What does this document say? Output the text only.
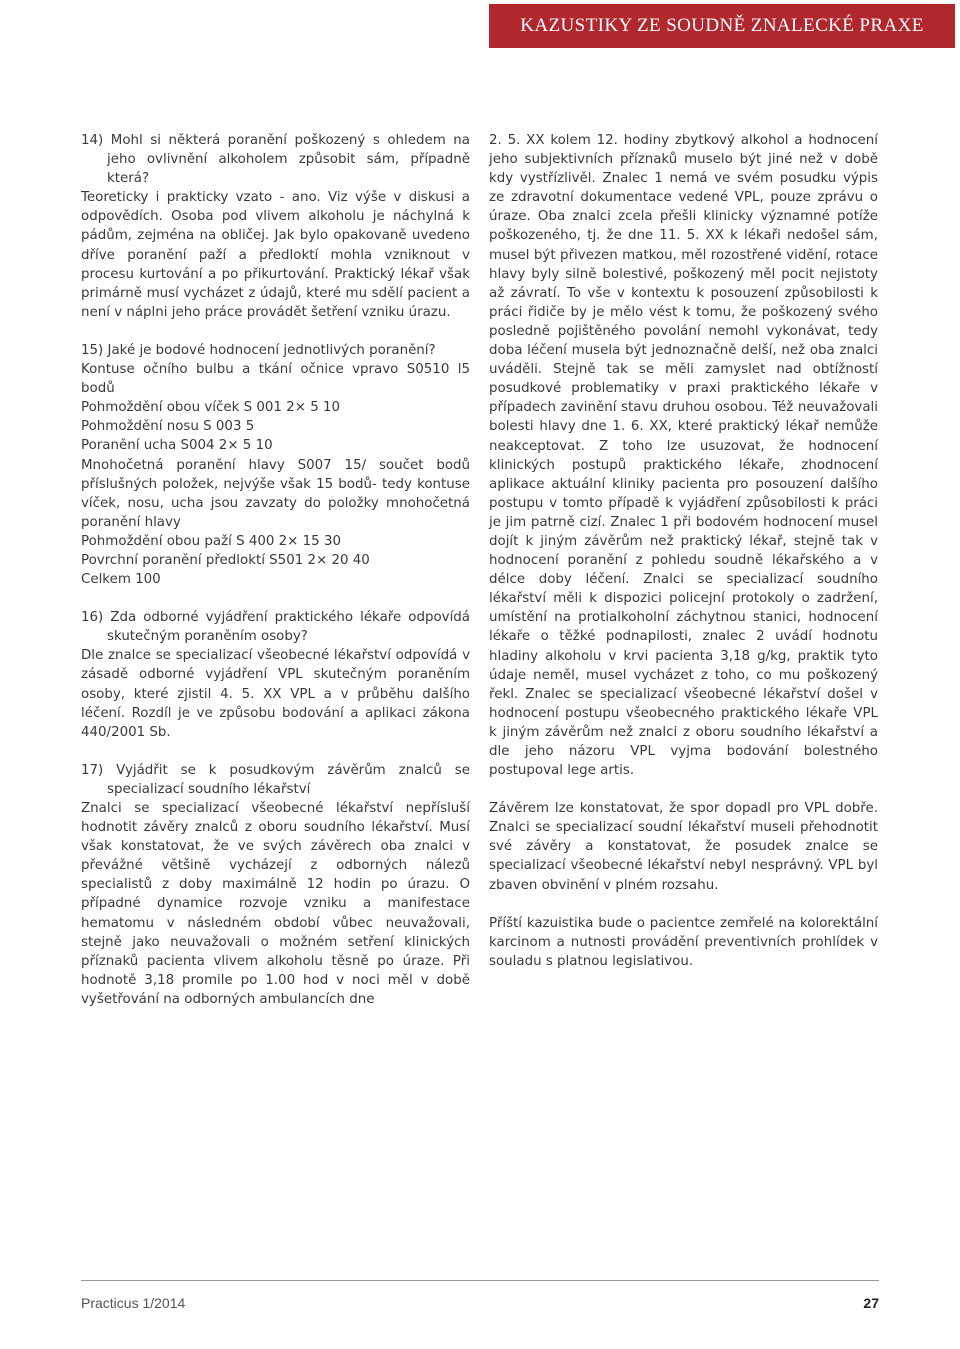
KAZUSTIKY ZE SOUDNĚ ZNALECKÉ PRAXE

14) Mohl si některá poranění poškozený s ohledem na jeho ovlivnění alkoholem způsobit sám, případně která?

Teoreticky i prakticky vzato - ano. Viz výše v diskusi a odpovědích. Osoba pod vlivem alkoholu je náchylná k pádům, zejména na obličej. Jak bylo opakovaně uvedeno dříve poranění paží a předloktí mohla vzniknout v procesu kurtování a po přikurtování. Praktický lékař však primárně musí vycházet z údajů, které mu sdělí pacient a není v náplni jeho práce provádět šetření vzniku úrazu.

15) Jaké je bodové hodnocení jednotlivých poranění?

Kontuse očního bulbu a tkání očnice vpravo S0510 l5 bodů

Pohmoždění obou víček S 001 2× 5 10

Pohmoždění nosu S 003 5

Poranění ucha S004 2× 5 10

Mnohočetná poranění hlavy S007 15/ součet bodů příslušných položek, nejvýše však 15 bodů- tedy kontuse víček, nosu, ucha jsou zavzaty do položky mnohočetná poranění hlavy

Pohmoždění obou paží S 400 2× 15 30

Povrchní poranění předloktí S501 2× 20 40

Celkem 100

16) Zda odborné vyjádření praktického lékaře odpovídá skutečným poraněním osoby?

Dle znalce se specializací všeobecné lékařství odpovídá v zásadě odborné vyjádření VPL skutečným poraněním osoby, které zjistil 4. 5. XX VPL a v průběhu dalšího léčení. Rozdíl je ve způsobu bodování a aplikaci zákona 440/2001 Sb.

17) Vyjádřit se k posudkovým závěrům znalců se specializací soudního lékařství

Znalci se specializací všeobecné lékařství nepřísluší hodnotit závěry znalců z oboru soudního lékařství. Musí však konstatovat, že ve svých závěrech oba znalci v převážné většině vycházejí z odborných nálezů specialistů z doby maximálně 12 hodin po úrazu. O případné dynamice rozvoje vzniku a manifestace hematomu v následném období vůbec neuvažovali, stejně jako neuvažovali o možném setření klinických příznaků pacienta vlivem alkoholu těsně po úraze. Při hodnotě 3,18 promile po 1.00 hod v noci měl v době vyšetřování na odborných ambulancích dne

2. 5. XX kolem 12. hodiny zbytkový alkohol a hodnocení jeho subjektivních příznaků muselo být jiné než v době kdy vystřízlivěl. Znalec 1 nemá ve svém posudku výpis ze zdravotní dokumentace vedené VPL, pouze zprávu o úraze. Oba znalci zcela přešli klinicky významné potíže poškozeného, tj. že dne 11. 5. XX k lékaři nedošel sám, musel být přivezen matkou, měl rozostřené vidění, rotace hlavy byly silně bolestivé, poškozený měl pocit nejistoty až závratí. To vše v kontextu k posouzení způsobilosti k práci řidiče by je mělo vést k tomu, že poškozený svého posledně pojištěného povolání nemohl vykonávat, tedy doba léčení musela být jednoznačně delší, než oba znalci uváděli. Stejně tak se měli zamyslet nad obtížností posudkové problematiky v praxi praktického lékaře v případech zavinění stavu druhou osobou. Též neuvažovali bolesti hlavy dne 1. 6. XX, které praktický lékař nemůže neakceptovat. Z toho lze usuzovat, že hodnocení klinických postupů praktického lékaře, zhodnocení aplikace aktuální kliniky pacienta pro posouzení dalšího postupu v tomto případě k vyjádření způsobilosti k práci je jim patrně cizí. Znalec 1 při bodovém hodnocení musel dojít k jiným závěrům než praktický lékař, stejně tak v hodnocení poranění z pohledu soudně lékařského a v délce doby léčení. Znalci se specializací soudního lékařství měli k dispozici policejní protokoly o zadržení, umístění na protialkoholní záchytnou stanici, hodnocení lékaře o těžké podnapilosti, znalec 2 uvádí hodnotu hladiny alkoholu v krvi pacienta 3,18 g/kg, praktik tyto údaje neměl, musel vycházet z toho, co mu poškozený řekl. Znalec se specializací všeobecné lékařství došel v hodnocení postupu všeobecného praktického lékaře VPL k jiným závěrům než znalci z oboru soudního lékařství a dle jeho názoru VPL vyjma bodování bolestného postupoval lege artis.

Závěrem lze konstatovat, že spor dopadl pro VPL dobře. Znalci se specializací soudní lékařství museli přehodnotit své závěry a konstatovat, že posudek znalce se specializací všeobecné lékařství nebyl nesprávný. VPL byl zbaven obvinění v plném rozsahu.

Příští kazuistika bude o pacientce zemřelé na kolorektální karcinom a nutnosti provádění preventivních prohlídek v souladu s platnou legislativou.

Practicus 1/2014	27
